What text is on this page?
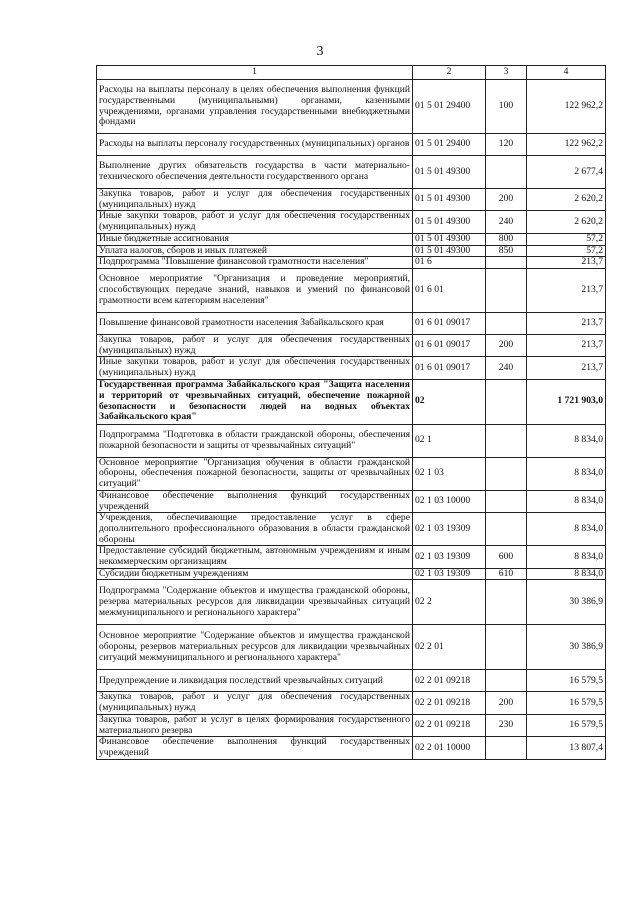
3
1	2	3	4
Расходы на выплаты персоналу в целях обеспечения выполнения функций государственными (муниципальными) органами, казенными учреждениями, органами управления государственными внебюджетными фондами	01 5 01 29400	100	122 962,2
Расходы на выплаты персоналу государственных (муниципальных) органов	01 5 01 29400	120	122 962,2
Выполнение других обязательств государства в части материально-технического обеспечения деятельности государственного органа	01 5 01 49300		2 677,4
Закупка товаров, работ и услуг для обеспечения государственных (муниципальных) нужд	01 5 01 49300	200	2 620,2
Иные закупки товаров, работ и услуг для обеспечения государственных (муниципальных) нужд	01 5 01 49300	240	2 620,2
Иные бюджетные ассигнования	01 5 01 49300	800	57,2
Уплата налогов, сборов и иных платежей	01 5 01 49300	850	57,2
Подпрограмма "Повышение финансовой грамотности населения"	01 6		213,7
Основное мероприятие "Организация и проведение мероприятий, способствующих передаче знаний, навыков и умений по финансовой грамотности всем категориям населения"	01 6 01		213,7
Повышение финансовой грамотности населения Забайкальского края	01 6 01 09017		213,7
Закупка товаров, работ и услуг для обеспечения государственных (муниципальных) нужд	01 6 01 09017	200	213,7
Иные закупки товаров, работ и услуг для обеспечения государственных (муниципальных) нужд	01 6 01 09017	240	213,7
Государственная программа Забайкальского края "Защита населения и территорий от чрезвычайных ситуаций, обеспечение пожарной безопасности и безопасности людей на водных объектах Забайкальского края"	02		1 721 903,0
Подпрограмма "Подготовка в области гражданской обороны, обеспечения пожарной безопасности и защиты от чрезвычайных ситуаций"	02 1		8 834,0
Основное мероприятие "Организация обучения в области гражданской обороны, обеспечения пожарной безопасности, защиты от чрезвычайных ситуаций"	02 1 03		8 834,0
Финансовое обеспечение выполнения функций государственных учреждений	02 1 03 10000		8 834,0
Учреждения, обеспечивающие предоставление услуг в сфере дополнительного профессионального образования в области гражданской обороны	02 1 03 19309		8 834,0
Предоставление субсидий бюджетным, автономным учреждениям и иным некоммерческим организациям	02 1 03 19309	600	8 834,0
Субсидии бюджетным учреждениям	02 1 03 19309	610	8 834,0
Подпрограмма "Содержание объектов и имущества гражданской обороны, резерва материальных ресурсов для ликвидации чрезвычайных ситуаций межмуниципального и регионального характера"	02 2		30 386,9
Основное мероприятие "Содержание объектов и имущества гражданской обороны, резервов материальных ресурсов для ликвидации чрезвычайных ситуаций межмуниципального и регионального характера"	02 2 01		30 386,9
Предупреждение и ликвидация последствий чрезвычайных ситуаций	02 2 01 09218		16 579,5
Закупка товаров, работ и услуг для обеспечения государственных (муниципальных) нужд	02 2 01 09218	200	16 579,5
Закупка товаров, работ и услуг в целях формирования государственного материального резерва	02 2 01 09218	230	16 579,5
Финансовое обеспечение выполнения функций государственных учреждений	02 2 01 10000		13 807,4
